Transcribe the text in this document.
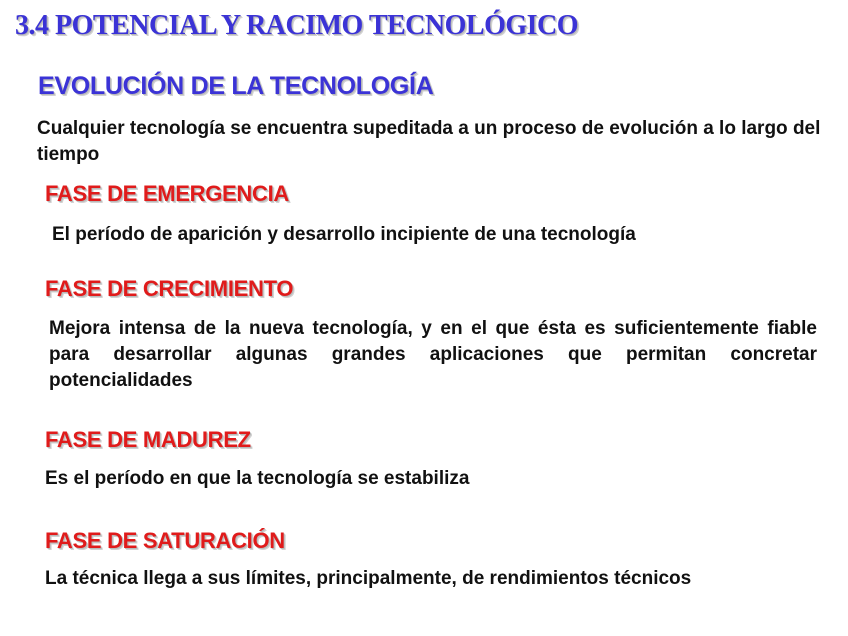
3.4 POTENCIAL Y RACIMO TECNOLÓGICO
EVOLUCIÓN DE LA TECNOLOGÍA

Cualquier tecnología se encuentra supeditada a un proceso de evolución a lo largo del tiempo

FASE DE EMERGENCIA

El período de aparición y desarrollo incipiente de una tecnología

FASE DE CRECIMIENTO

Mejora intensa de la nueva tecnología, y en el que ésta es suficientemente fiable para desarrollar algunas grandes aplicaciones que permitan concretar potencialidades

FASE DE MADUREZ

Es el período en que la tecnología se estabiliza

FASE DE SATURACIÓN

La técnica llega a sus límites, principalmente, de rendimientos técnicos
